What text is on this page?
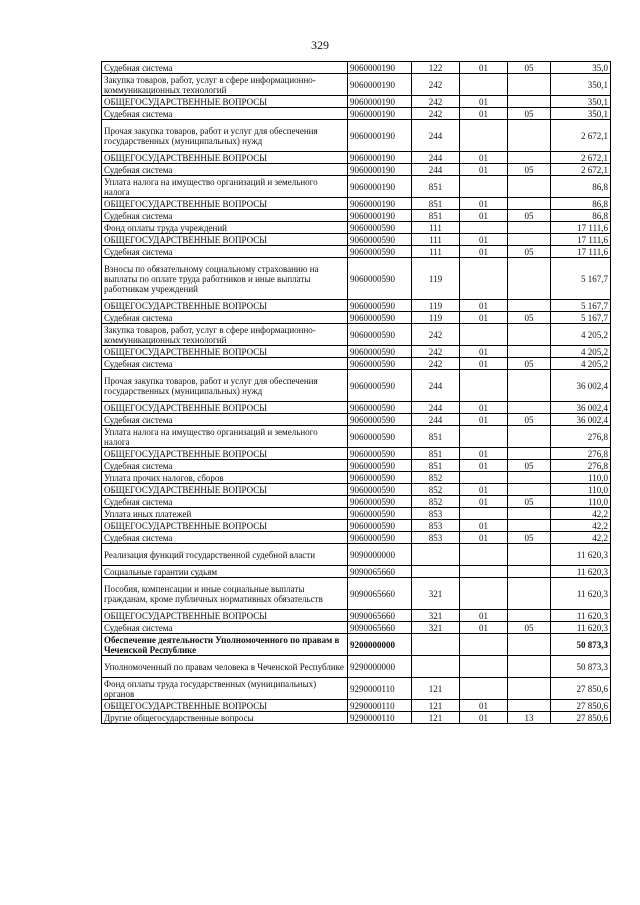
329
Судебная система	9060000190	122	01	05	35,0
Закупка товаров, работ, услуг в сфере информационно-коммуникационных технологий	9060000190	242			350,1
ОБЩЕГОСУДАРСТВЕННЫЕ ВОПРОСЫ	9060000190	242	01		350,1
Судебная система	9060000190	242	01	05	350,1
Прочая закупка товаров, работ и услуг для обеспечения государственных (муниципальных) нужд	9060000190	244			2 672,1
ОБЩЕГОСУДАРСТВЕННЫЕ ВОПРОСЫ	9060000190	244	01		2 672,1
Судебная система	9060000190	244	01	05	2 672,1
Уплата налога на имущество организаций и земельного налога	9060000190	851			86,8
ОБЩЕГОСУДАРСТВЕННЫЕ ВОПРОСЫ	9060000190	851	01		86,8
Судебная система	9060000190	851	01	05	86,8
Фонд оплаты труда учреждений	9060000590	111			17 111,6
ОБЩЕГОСУДАРСТВЕННЫЕ ВОПРОСЫ	9060000590	111	01		17 111,6
Судебная система	9060000590	111	01	05	17 111,6
Взносы по обязательному социальному страхованию на выплаты по оплате труда работников и иные выплаты работникам учреждений	9060000590	119			5 167,7
ОБЩЕГОСУДАРСТВЕННЫЕ ВОПРОСЫ	9060000590	119	01		5 167,7
Судебная система	9060000590	119	01	05	5 167,7
Закупка товаров, работ, услуг в сфере информационно-коммуникационных технологий	9060000590	242			4 205,2
ОБЩЕГОСУДАРСТВЕННЫЕ ВОПРОСЫ	9060000590	242	01		4 205,2
Судебная система	9060000590	242	01	05	4 205,2
Прочая закупка товаров, работ и услуг для обеспечения государственных (муниципальных) нужд	9060000590	244			36 002,4
ОБЩЕГОСУДАРСТВЕННЫЕ ВОПРОСЫ	9060000590	244	01		36 002,4
Судебная система	9060000590	244	01	05	36 002,4
Уплата налога на имущество организаций и земельного налога	9060000590	851			276,8
ОБЩЕГОСУДАРСТВЕННЫЕ ВОПРОСЫ	9060000590	851	01		276,8
Судебная система	9060000590	851	01	05	276,8
Уплата прочих налогов, сборов	9060000590	852			110,0
ОБЩЕГОСУДАРСТВЕННЫЕ ВОПРОСЫ	9060000590	852	01		110,0
Судебная система	9060000590	852	01	05	110,0
Уплата иных платежей	9060000590	853			42,2
ОБЩЕГОСУДАРСТВЕННЫЕ ВОПРОСЫ	9060000590	853	01		42,2
Судебная система	9060000590	853	01	05	42,2
Реализация функций государственной судебной власти	9090000000				11 620,3
Социальные гарантии судьям	9090065660				11 620,3
Пособия, компенсации и иные социальные выплаты гражданам, кроме публичных нормативных обязательств	9090065660	321			11 620,3
ОБЩЕГОСУДАРСТВЕННЫЕ ВОПРОСЫ	9090065660	321	01		11 620,3
Судебная система	9090065660	321	01	05	11 620,3
Обеспечение деятельности Уполномоченного по правам в Чеченской Республике	9200000000				50 873,3
Уполномоченный по правам человека в Чеченской Республике	9290000000				50 873,3
Фонд оплаты труда государственных (муниципальных) органов	9290000110	121			27 850,6
ОБЩЕГОСУДАРСТВЕННЫЕ ВОПРОСЫ	9290000110	121	01		27 850,6
Другие общегосударственные вопросы	9290000110	121	01	13	27 850,6
